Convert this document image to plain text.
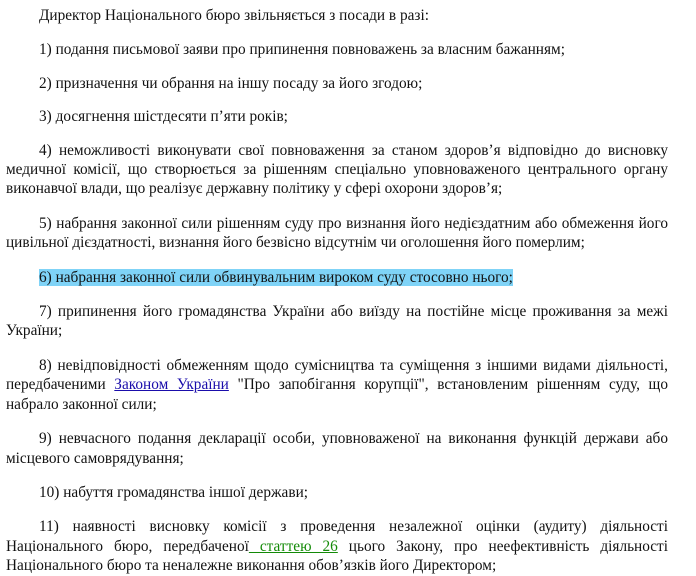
Директор Національного бюро звільняється з посади в разі:

1) подання письмової заяви про припинення повноважень за власним бажанням;

2) призначення чи обрання на іншу посаду за його згодою;

3) досягнення шістдесяти п’яти років;

4) неможливості виконувати свої повноваження за станом здоров’я відповідно до висновку медичної комісії, що створюється за рішенням спеціально уповноваженого центрального органу виконавчої влади, що реалізує державну політику у сфері охорони здоров’я;

5) набрання законної сили рішенням суду про визнання його недієздатним або обмеження його цивільної дієздатності, визнання його безвісно відсутнім чи оголошення його померлим;

6) набрання законної сили обвинувальним вироком суду стосовно нього;

7) припинення його громадянства України або виїзду на постійне місце проживання за межі України;

8) невідповідності обмеженням щодо сумісництва та суміщення з іншими видами діяльності, передбаченими Законом України "Про запобігання корупції", встановленим рішенням суду, що набрало законної сили;

9) невчасного подання декларації особи, уповноваженої на виконання функцій держави або місцевого самоврядування;

10) набуття громадянства іншої держави;

11) наявності висновку комісії з проведення незалежної оцінки (аудиту) діяльності Національного бюро, передбаченої статтею 26 цього Закону, про неефективність діяльності Національного бюро та неналежне виконання обов’язків його Директором;
